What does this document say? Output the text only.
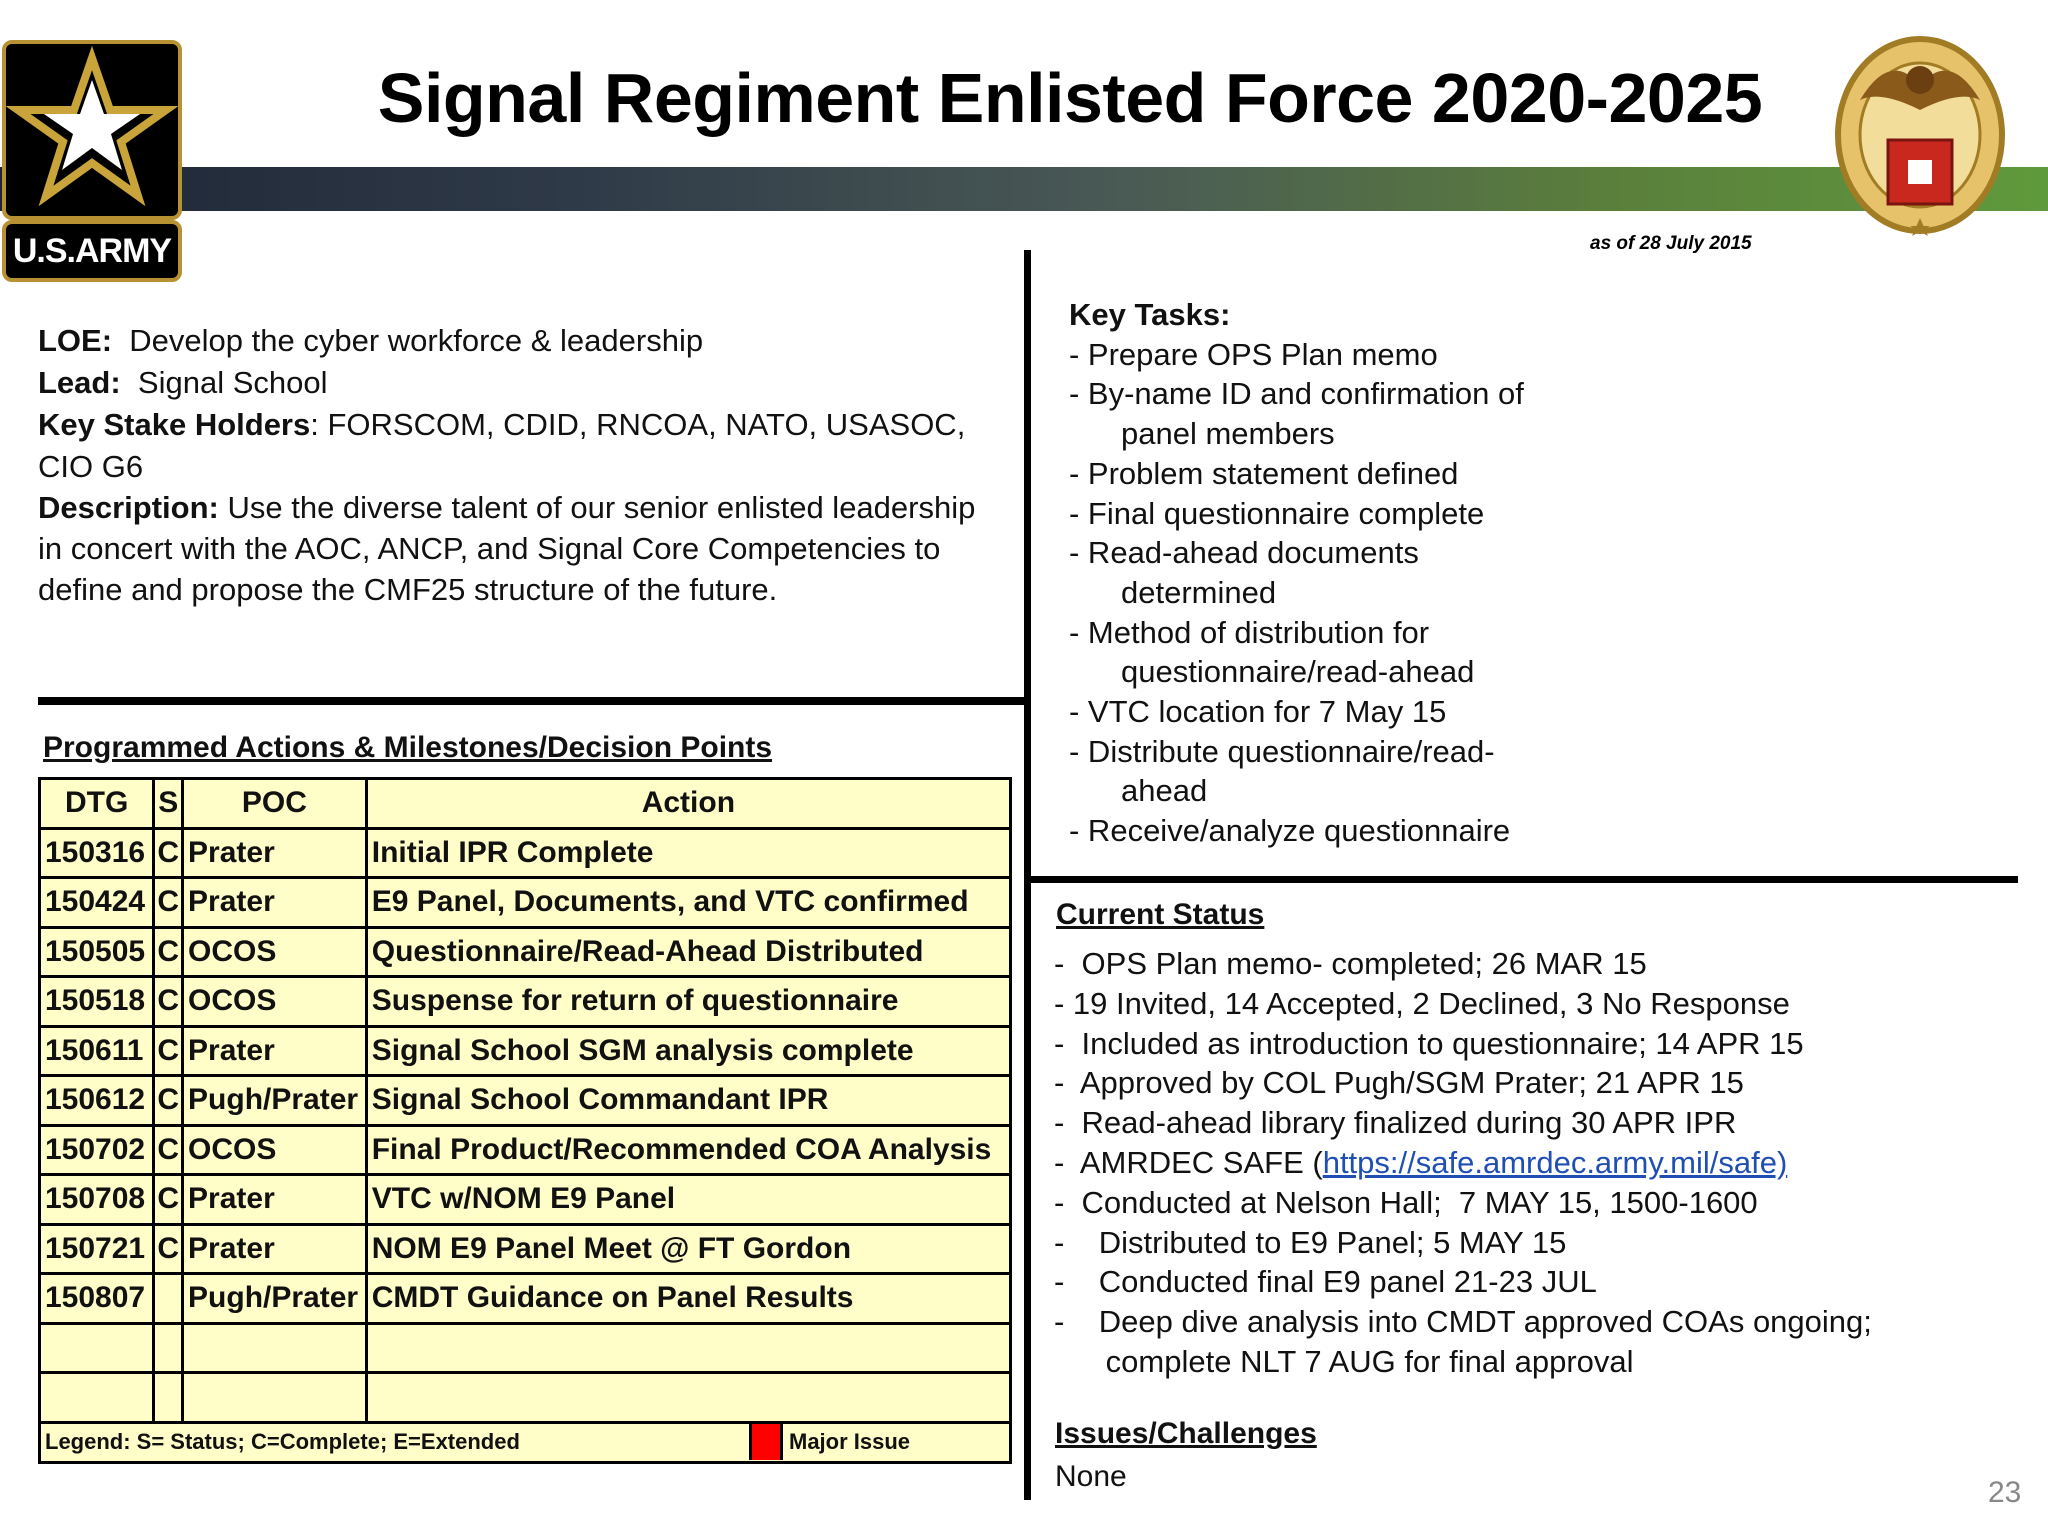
U.S.ARMY
Signal Regiment Enlisted Force 2020-2025
as of 28 July 2015
LOE: Develop the cyber workforce & leadership
Lead: Signal School
Key Stake Holders: FORSCOM, CDID, RNCOA, NATO, USASOC, CIO G6
Description: Use the diverse talent of our senior enlisted leadership
in concert with the AOC, ANCP, and Signal Core Competencies to
define and propose the CMF25 structure of the future.
Key Tasks:
- Prepare OPS Plan memo
- By-name ID and confirmation of
panel members
- Problem statement defined
- Final questionnaire complete
- Read-ahead documents
determined
- Method of distribution for
questionnaire/read-ahead
- VTC location for 7 May 15
- Distribute questionnaire/read-
ahead
- Receive/analyze questionnaire
Programmed Actions & Milestones/Decision Points
DTG	S	POC	Action
150316	C	Prater	Initial IPR Complete
150424	C	Prater	E9 Panel, Documents, and VTC confirmed
150505	C	OCOS	Questionnaire/Read-Ahead Distributed
150518	C	OCOS	Suspense for return of questionnaire
150611	C	Prater	Signal School SGM analysis complete
150612	C	Pugh/Prater	Signal School Commandant IPR
150702	C	OCOS	Final Product/Recommended COA Analysis
150708	C	Prater	VTC w/NOM E9 Panel
150721	C	Prater	NOM E9 Panel Meet @ FT Gordon
150807		Pugh/Prater	CMDT Guidance on Panel Results

Legend: S= Status; C=Complete; E=Extended Major Issue			
Current Status
-  OPS Plan memo- completed; 26 MAR 15
- 19 Invited, 14 Accepted, 2 Declined, 3 No Response
-  Included as introduction to questionnaire; 14 APR 15
-  Approved by COL Pugh/SGM Prater; 21 APR 15
-  Read-ahead library finalized during 30 APR IPR
-  AMRDEC SAFE (https://safe.amrdec.army.mil/safe)
-  Conducted at Nelson Hall;  7 MAY 15, 1500-1600
-    Distributed to E9 Panel; 5 MAY 15
-    Conducted final E9 panel 21-23 JUL
-    Deep dive analysis into CMDT approved COAs ongoing;
complete NLT 7 AUG for final approval
Issues/Challenges
None	23
